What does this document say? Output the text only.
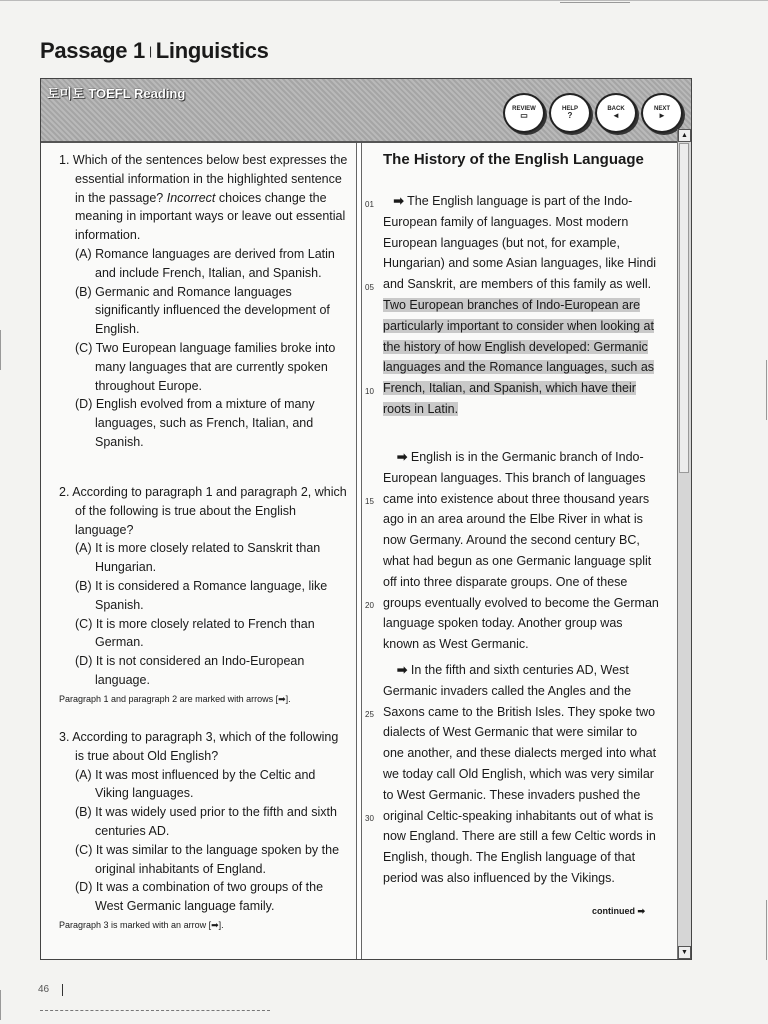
Passage 1 | Linguistics
토미토 TOEFL Reading
REVIEW
▭
HELP
?
BACK
◄
NEXT
►
1. Which of the sentences below best expresses the essential information in the highlighted sentence in the passage? Incorrect choices change the meaning in important ways or leave out essential information.
(A) Romance languages are derived from Latin and include French, Italian, and Spanish.
(B) Germanic and Romance languages significantly influenced the development of English.
(C) Two European language families broke into many languages that are currently spoken throughout Europe.
(D) English evolved from a mixture of many languages, such as French, Italian, and Spanish.
2. According to paragraph 1 and paragraph 2, which of the following is true about the English language?
(A) It is more closely related to Sanskrit than Hungarian.
(B) It is considered a Romance language, like Spanish.
(C) It is more closely related to French than German.
(D) It is not considered an Indo-European language.
Paragraph 1 and paragraph 2 are marked with arrows [➡].
3. According to paragraph 3, which of the following is true about Old English?
(A) It was most influenced by the Celtic and Viking languages.
(B) It was widely used prior to the fifth and sixth centuries AD.
(C) It was similar to the language spoken by the original inhabitants of England.
(D) It was a combination of two groups of the West Germanic language family.
Paragraph 3 is marked with an arrow [➡].
The History of the English Language
01
05
10
➡ The English language is part of the Indo-European family of languages. Most modern European languages (but not, for example, Hungarian) and some Asian languages, like Hindi and Sanskrit, are members of this family as well. Two European branches of Indo-European are particularly important to consider when looking at the history of how English developed: Germanic languages and the Romance languages, such as French, Italian, and Spanish, which have their roots in Latin.
15
20
➡ English is in the Germanic branch of Indo-European languages. This branch of languages came into existence about three thousand years ago in an area around the Elbe River in what is now Germany. Around the second century BC, what had begun as one Germanic language split off into three disparate groups. One of these groups eventually evolved to become the German language spoken today. Another group was known as West Germanic.
25
30
➡ In the fifth and sixth centuries AD, West Germanic invaders called the Angles and the Saxons came to the British Isles. They spoke two dialects of West Germanic that were similar to one another, and these dialects merged into what we today call Old English, which was very similar to West Germanic. These invaders pushed the original Celtic-speaking inhabitants out of what is now England. There are still a few Celtic words in English, though. The English language of that period was also influenced by the Vikings.
continued ➡
▲
▼
46
